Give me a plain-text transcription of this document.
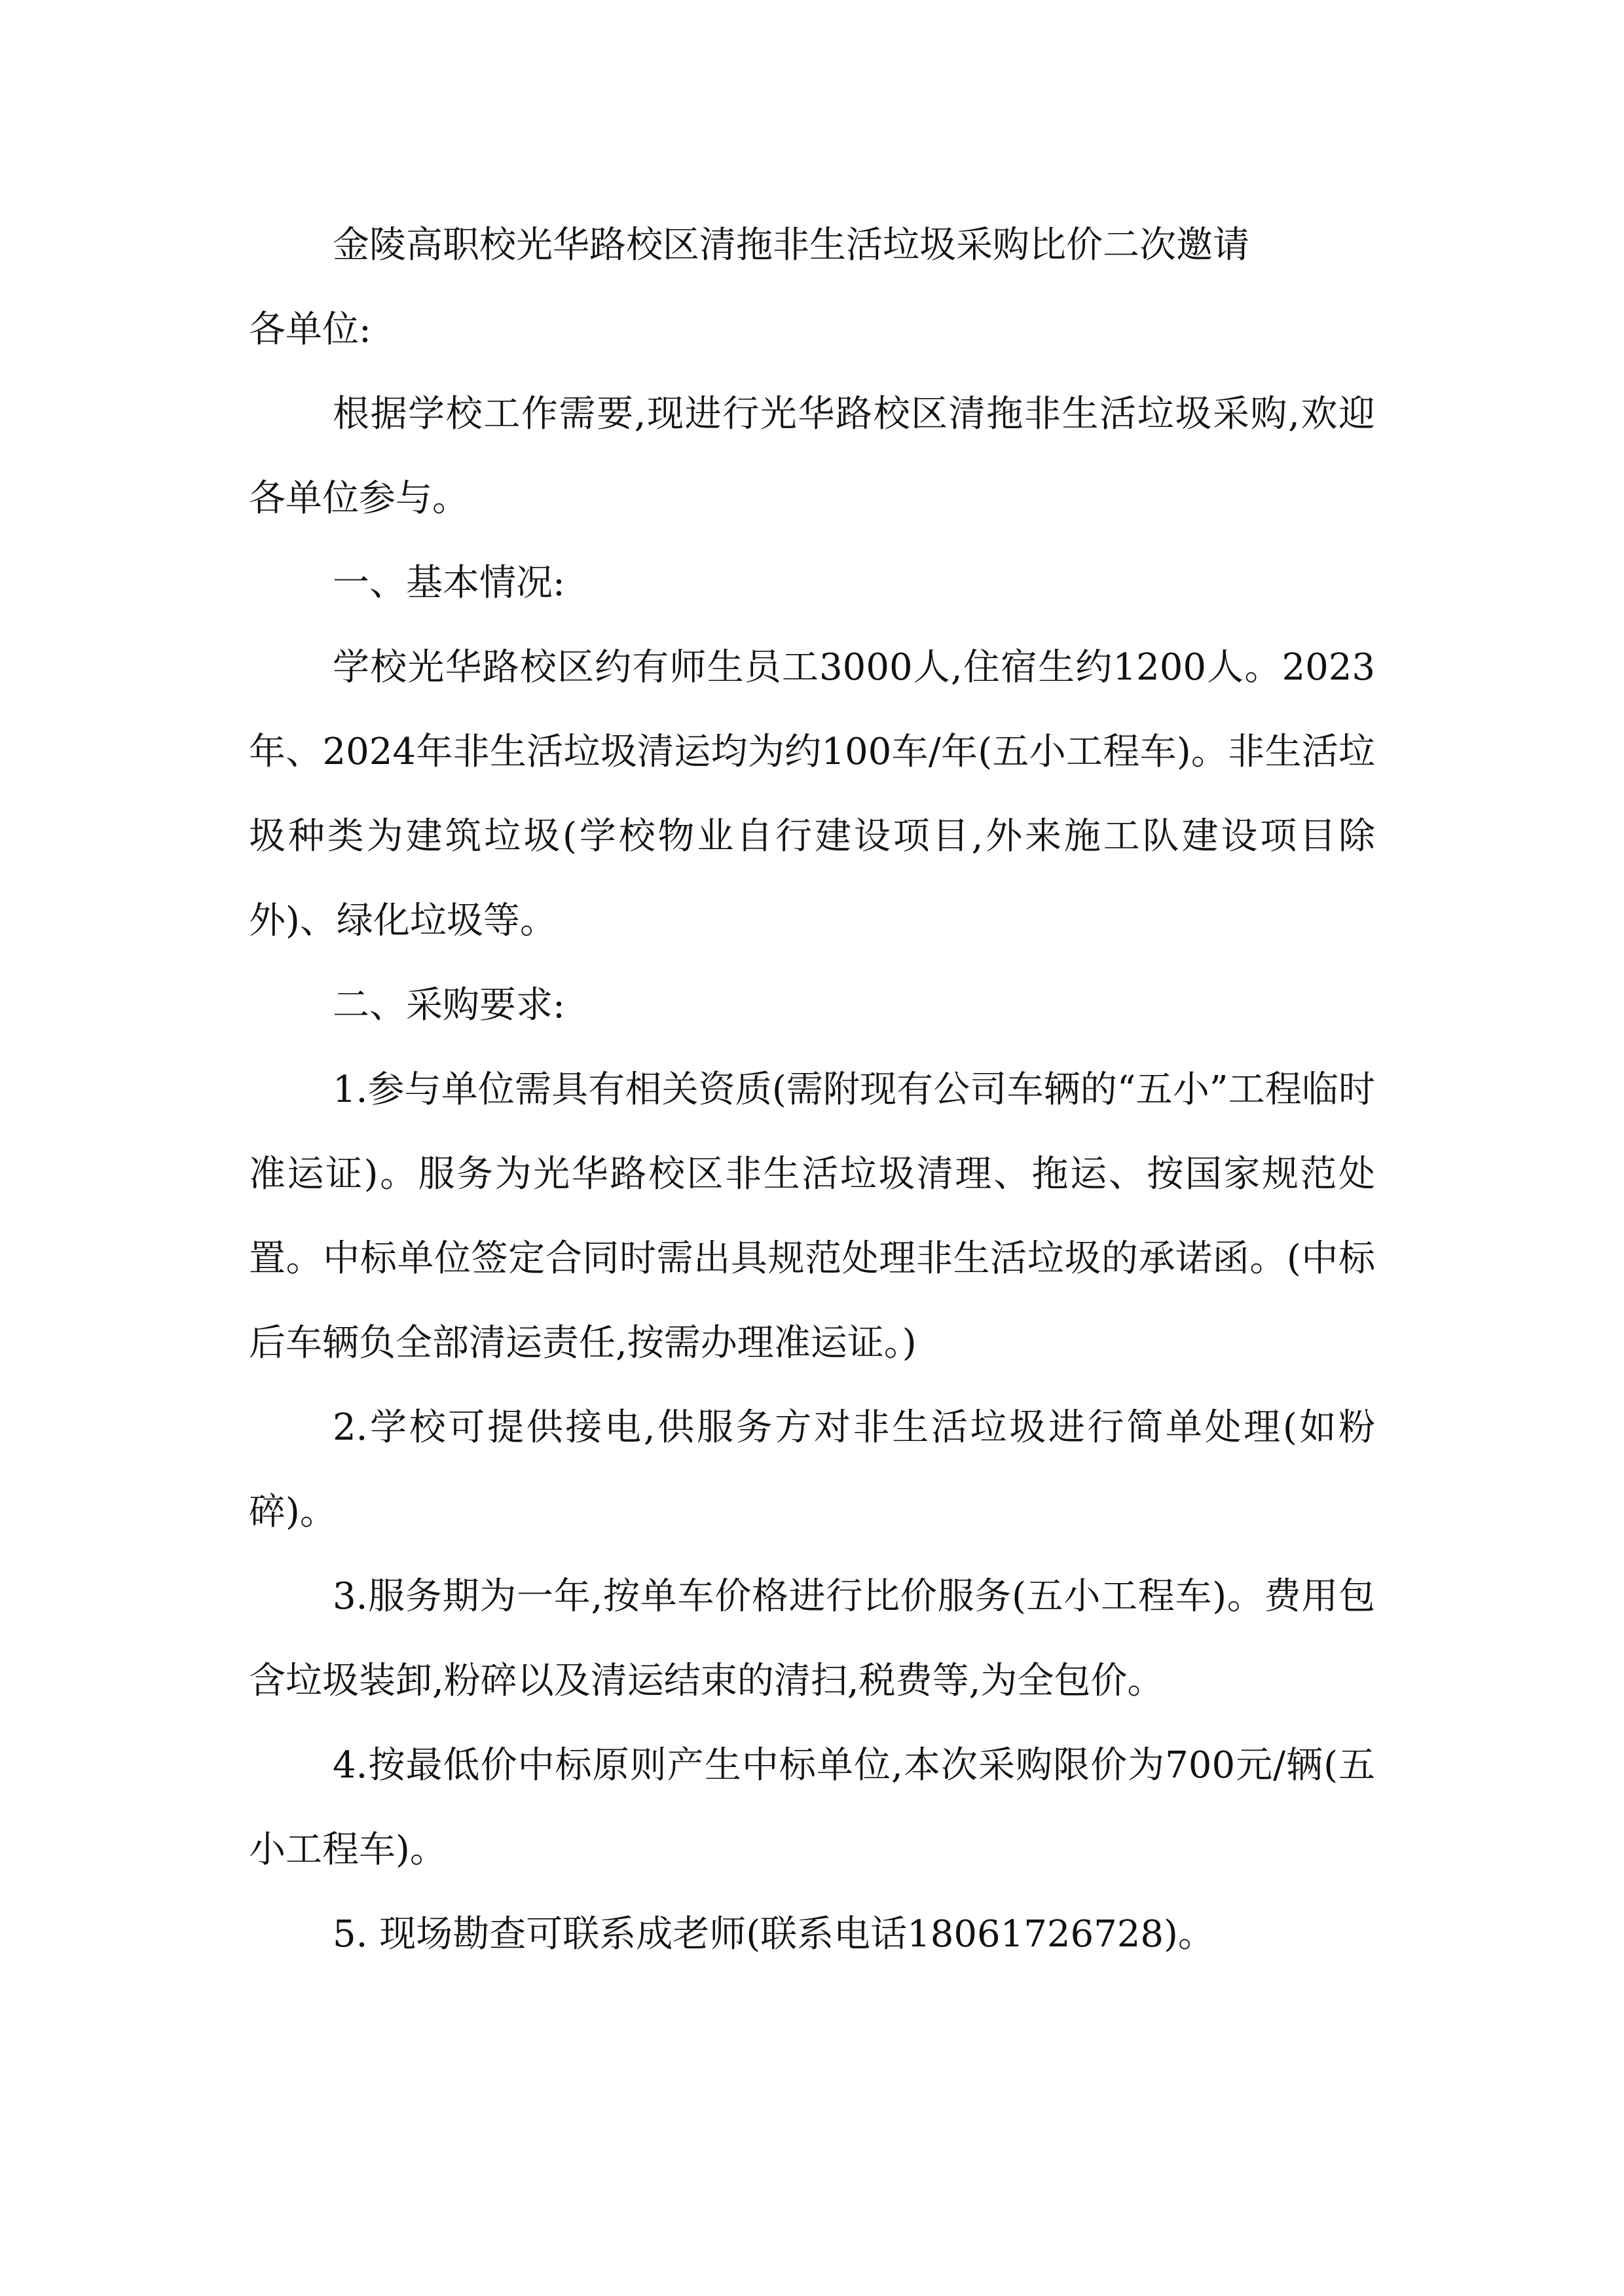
金陵高职校光华路校区清拖非生活垃圾采购比价二次邀请

各单位:

根据学校工作需要,现进行光华路校区清拖非生活垃圾采购,欢迎各单位参与。

一、基本情况:

学校光华路校区约有师生员工3000人,住宿生约1200人。2023年、2024年非生活垃圾清运均为约100车/年(五小工程车)。非生活垃圾种类为建筑垃圾(学校物业自行建设项目,外来施工队建设项目除外)、绿化垃圾等。

二、采购要求:

1.参与单位需具有相关资质(需附现有公司车辆的“五小”工程临时准运证)。服务为光华路校区非生活垃圾清理、拖运、按国家规范处置。中标单位签定合同时需出具规范处理非生活垃圾的承诺函。(中标后车辆负全部清运责任,按需办理准运证。)

2.学校可提供接电,供服务方对非生活垃圾进行简单处理(如粉碎)。

3.服务期为一年,按单车价格进行比价服务(五小工程车)。费用包含垃圾装卸,粉碎以及清运结束的清扫,税费等,为全包价。

4.按最低价中标原则产生中标单位,本次采购限价为700元/辆(五小工程车)。

5. 现场勘查可联系成老师(联系电话18061726728)。
